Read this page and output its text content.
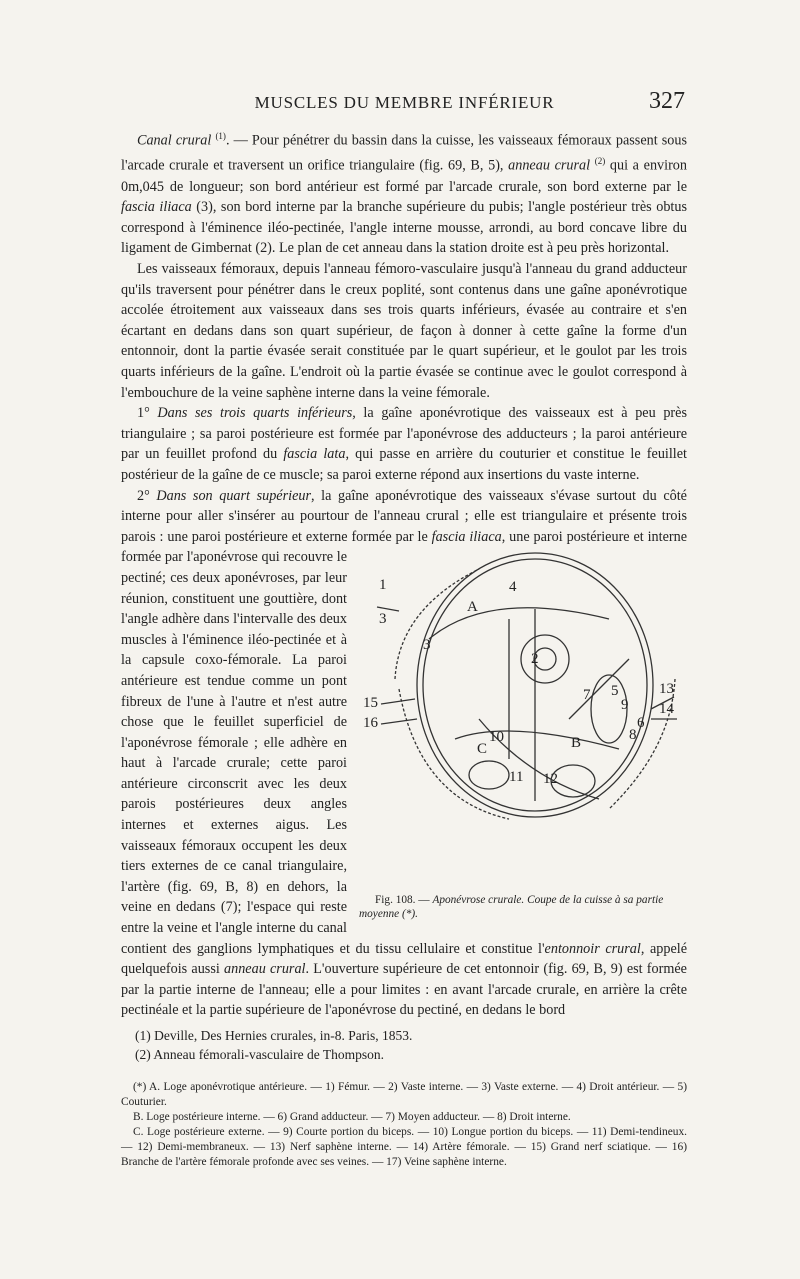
MUSCLES DU MEMBRE INFÉRIEUR	327

Canal crural $^{(1)}$. — Pour pénétrer du bassin dans la cuisse, les vaisseaux fémoraux passent sous l'arcade crurale et traversent un orifice triangulaire (fig. 69, B, 5), anneau crural $^{(2)}$ qui a environ 0m,045 de longueur; son bord antérieur est formé par l'arcade crurale, son bord externe par le fascia iliaca (3), son bord interne par la branche supérieure du pubis; l'angle postérieur très obtus correspond à l'éminence iléo-pectinée, l'angle interne mousse, arrondi, au bord concave libre du ligament de Gimbernat (2). Le plan de cet anneau dans la station droite est à peu près horizontal.

Les vaisseaux fémoraux, depuis l'anneau fémoro-vasculaire jusqu'à l'anneau du grand adducteur qu'ils traversent pour pénétrer dans le creux poplité, sont contenus dans une gaîne aponévrotique accolée étroitement aux vaisseaux dans ses trois quarts inférieurs, évasée au contraire et s'en écartant en dedans dans son quart supérieur, de façon à donner à cette gaîne la forme d'un entonnoir, dont la partie évasée serait constituée par le quart supérieur, et le goulot par les trois quarts inférieurs de la gaîne. L'endroit où la partie évasée se continue avec le goulot correspond à l'embouchure de la veine saphène interne dans la veine fémorale.

1° Dans ses trois quarts inférieurs, la gaîne aponévrotique des vaisseaux est à peu près triangulaire ; sa paroi postérieure est formée par l'aponévrose des adducteurs ; la paroi antérieure par un feuillet profond du fascia lata, qui passe en arrière du couturier et constitue le feuillet postérieur de la gaîne de ce muscle; sa paroi externe répond aux insertions du vaste interne.

2° Dans son quart supérieur, la gaîne aponévrotique des vaisseaux s'évase surtout du côté interne pour aller s'insérer au pourtour de l'anneau crural ; elle est triangulaire et présente trois parois : une paroi postérieure et externe formée par le
A
B
C
1
2
3
3
4
5
6
7
8
9
10
11 12
13
14
15
16
Fig. 108. — Aponévrose crurale. Coupe de la cuisse à sa partie moyenne (*).
fascia iliaca, une paroi postérieure et interne formée par l'aponévrose qui recouvre le pectiné; ces deux aponévroses, par leur réunion, constituent une gouttière, dont l'angle adhère dans l'intervalle des deux muscles à l'éminence iléo-pectinée et à la capsule coxo-fémorale. La paroi antérieure est tendue comme un pont fibreux de l'une à l'autre et n'est autre chose que le feuillet superficiel de l'aponévrose fémorale ; elle adhère en haut à l'arcade crurale; cette paroi antérieure circonscrit avec les deux parois postérieures deux angles internes et externes aigus. Les vaisseaux fémoraux occupent les deux tiers externes de ce canal triangulaire, l'artère (fig. 69, B, 8) en dehors, la veine en dedans (7); l'espace qui reste entre la veine et l'angle interne du canal contient des ganglions lymphatiques et du tissu cellulaire et constitue l'entonnoir crural, appelé quelquefois aussi anneau crural. L'ouverture supérieure de cet entonnoir (fig. 69, B, 9) est formée par la partie interne de l'anneau; elle a pour limites : en avant l'arcade crurale, en arrière la crête pectinéale et la partie supérieure de l'aponévrose du pectiné, en dedans le bord

(1) Deville, Des Hernies crurales, in-8. Paris, 1853.

(2) Anneau fémorali-vasculaire de Thompson.

(*) A. Loge aponévrotique antérieure. — 1) Fémur. — 2) Vaste interne. — 3) Vaste externe. — 4) Droit antérieur. — 5) Couturier.

B. Loge postérieure interne. — 6) Grand adducteur. — 7) Moyen adducteur. — 8) Droit interne.

C. Loge postérieure externe. — 9) Courte portion du biceps. — 10) Longue portion du biceps. — 11) Demi-tendineux. — 12) Demi-membraneux. — 13) Nerf saphène interne. — 14) Artère fémorale. — 15) Grand nerf sciatique. — 16) Branche de l'artère fémorale profonde avec ses veines. — 17) Veine saphène interne.
